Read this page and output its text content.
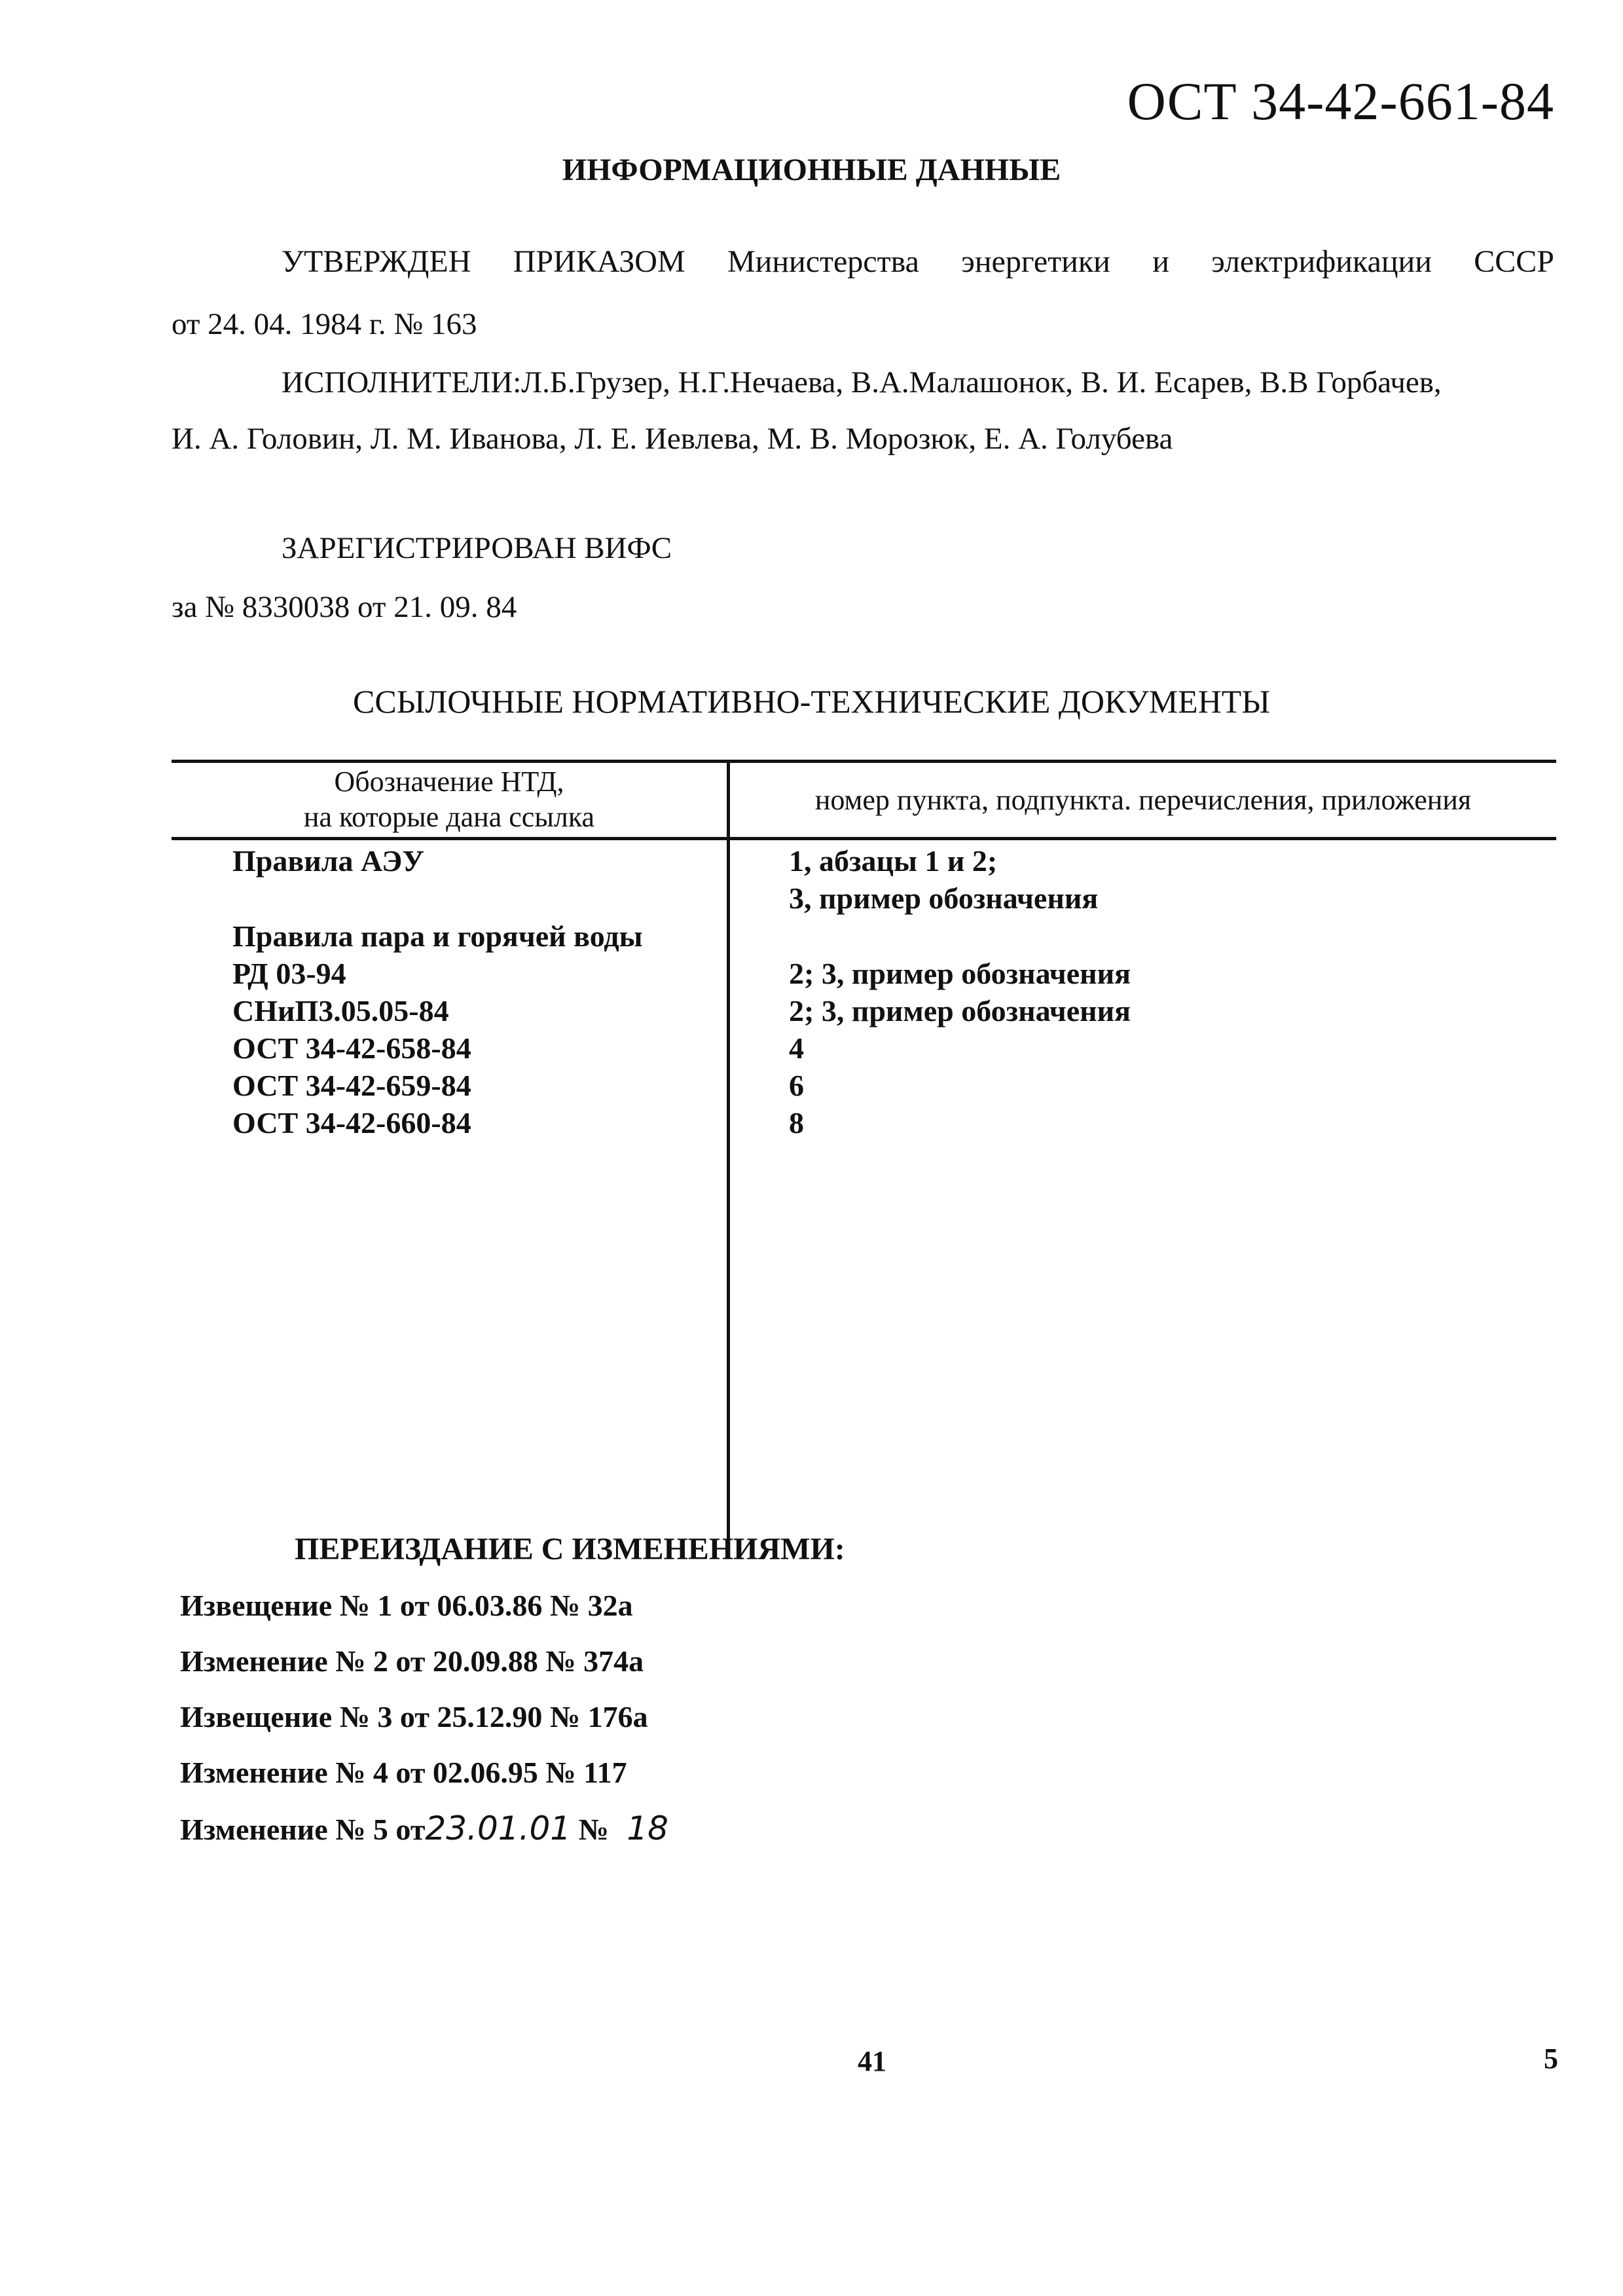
ОСТ 34-42-661-84
ИНФОРМАЦИОННЫЕ ДАННЫЕ
УТВЕРЖДЕН ПРИКАЗОМ Министерства энергетики и электрификации СССР
от 24. 04. 1984 г. № 163
ИСПОЛНИТЕЛИ:Л.Б.Грузер, Н.Г.Нечаева, В.А.Малашонок, В. И. Есарев, В.В Горбачев,
И. А. Головин, Л. М. Иванова, Л. Е. Иевлева, М. В. Морозюк, Е. А. Голубева
ЗАРЕГИСТРИРОВАН ВИФС
за № 8330038 от 21. 09. 84
ССЫЛОЧНЫЕ НОРМАТИВНО-ТЕХНИЧЕСКИЕ ДОКУМЕНТЫ
Обозначение НТД,
на которые дана ссылка
номер пункта, подпункта. перечисления, приложения
Правила АЭУ
Правила пара и горячей воды
РД 03-94
СНиП3.05.05-84
ОСТ 34-42-658-84
ОСТ 34-42-659-84
ОСТ 34-42-660-84
1, абзацы 1 и 2;
3, пример обозначения
2; 3, пример обозначения
2; 3, пример обозначения
4
6
8
ПЕРЕИЗДАНИЕ С ИЗМЕНЕНИЯМИ:
Извещение № 1 от 06.03.86 № 32а
Изменение № 2 от 20.09.88 № 374а
Извещение № 3 от 25.12.90 № 176а
Изменение № 4 от 02.06.95 № 117
Изменение № 5 от23.01.01 № 18
41	5
